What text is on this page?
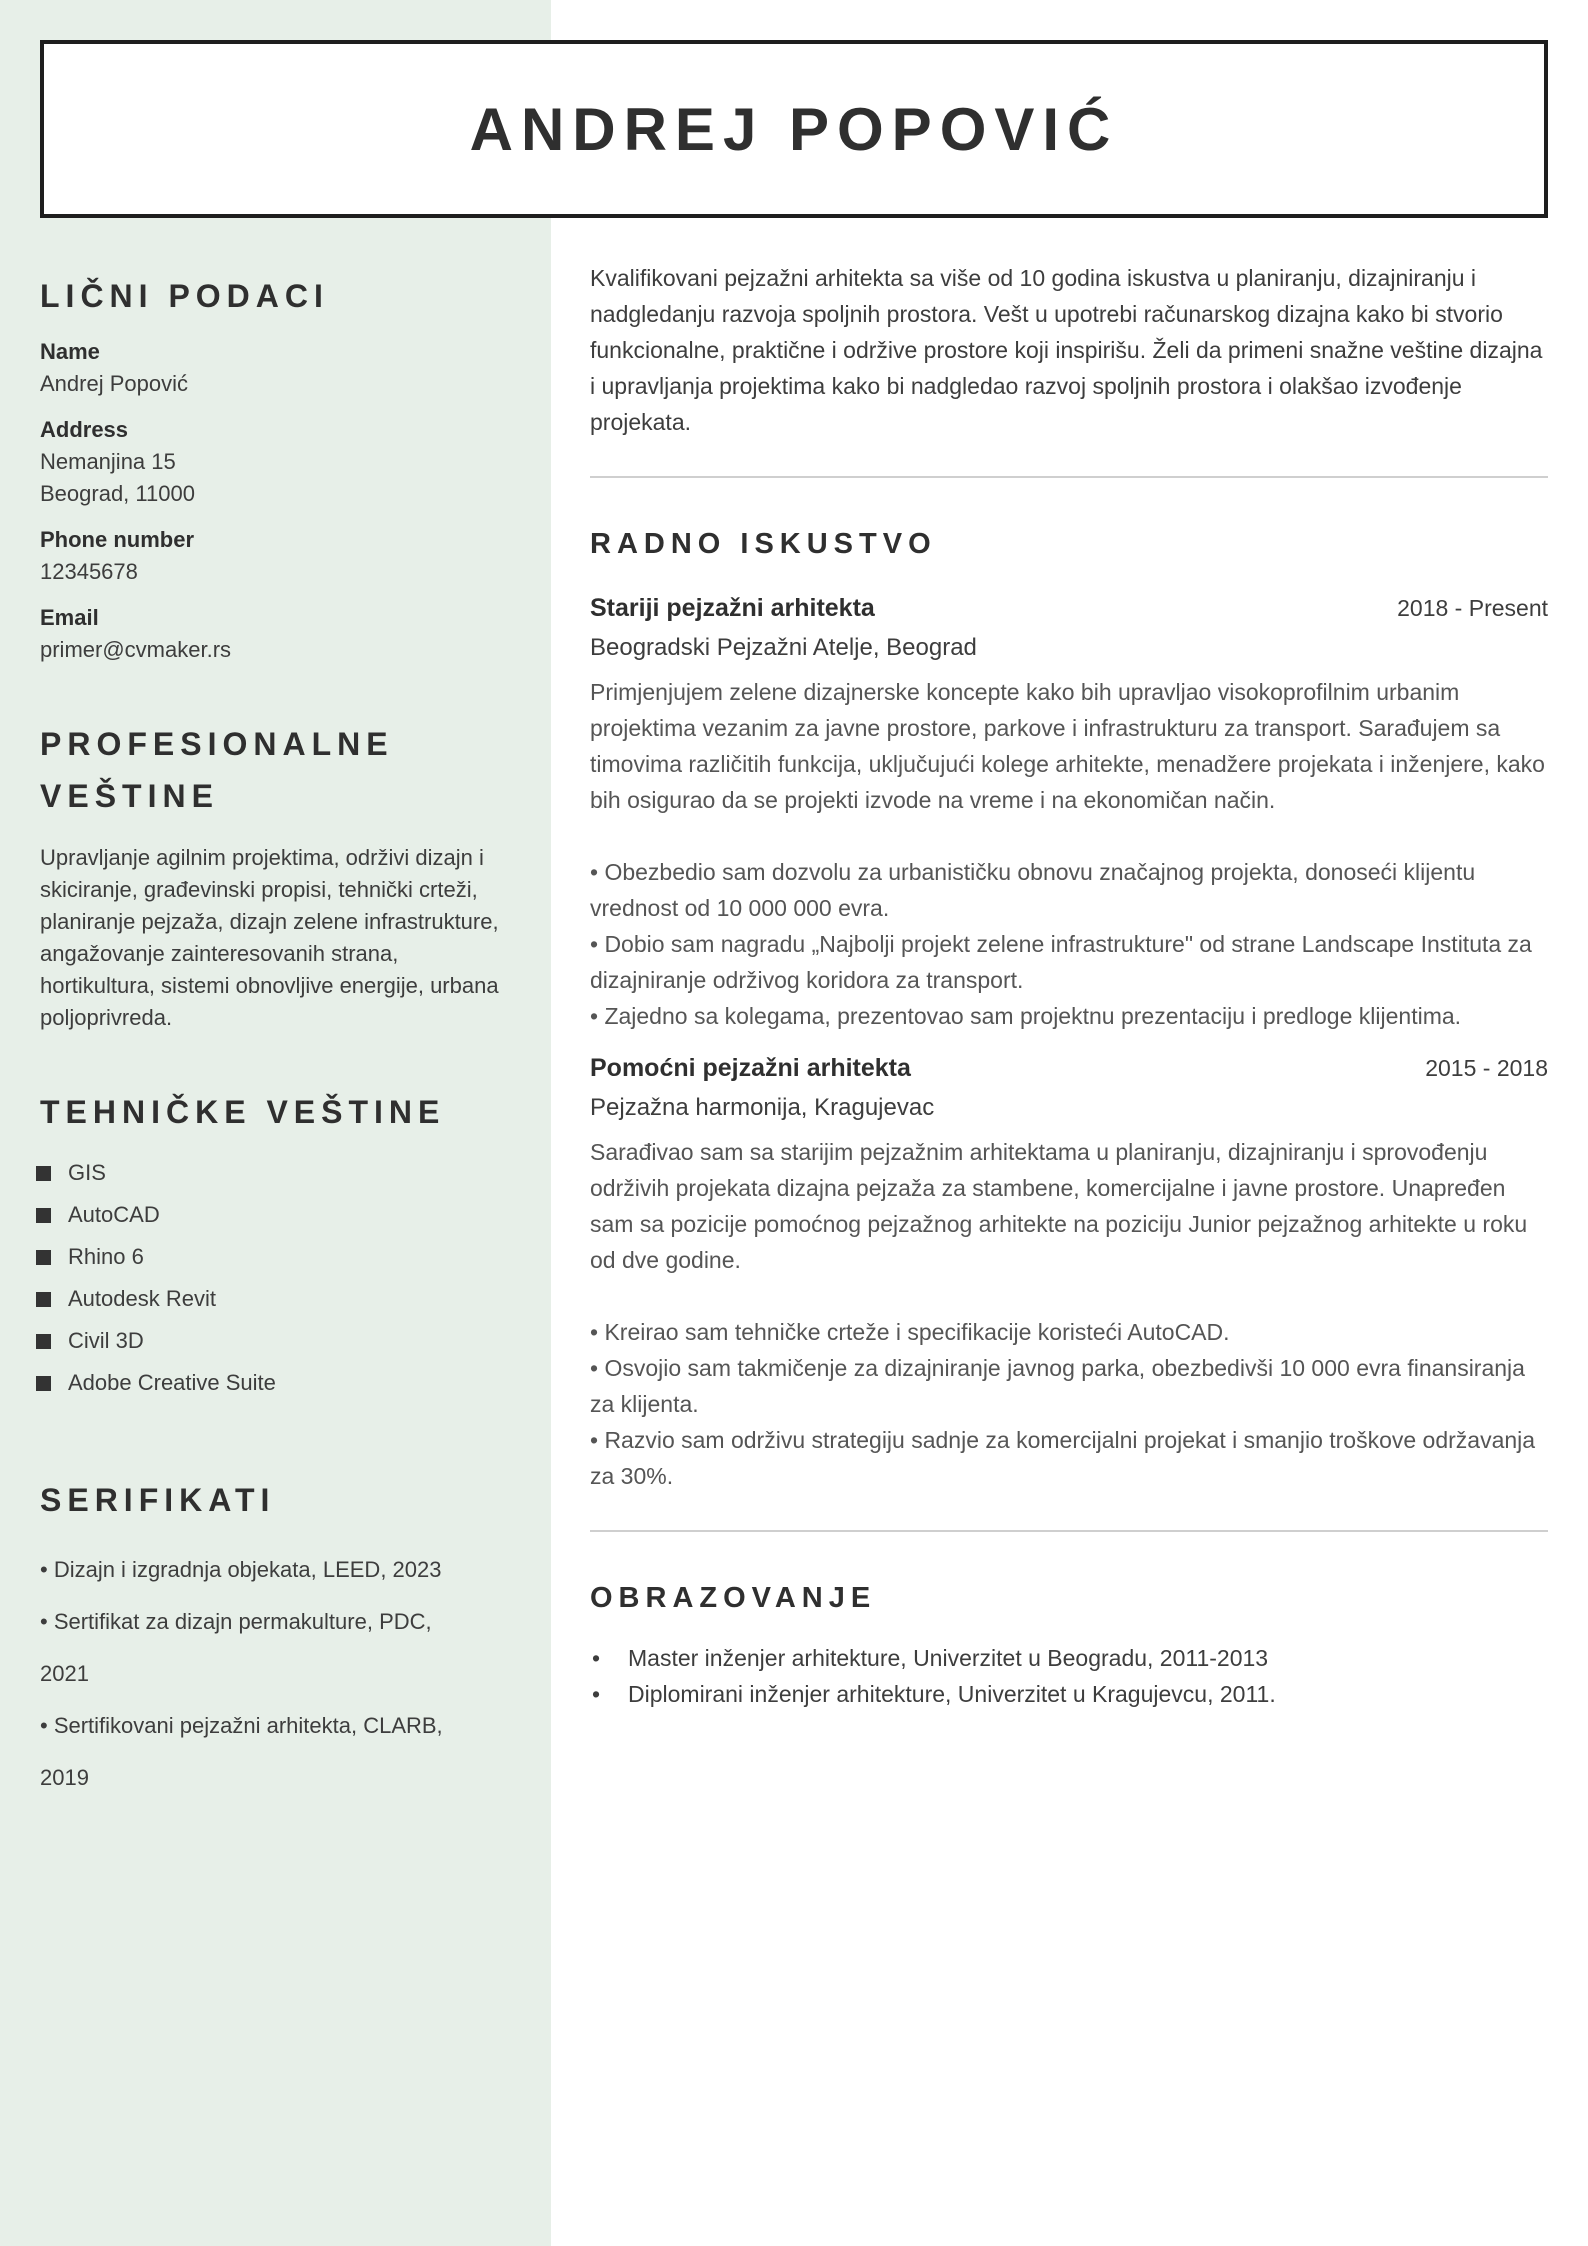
ANDREJ POPOVIĆ
LIČNI PODACI
Name
Andrej Popović
Address
Nemanjina 15
Beograd, 11000
Phone number
12345678
Email
primer@cvmaker.rs
PROFESIONALNE
VEŠTINE

Upravljanje agilnim projektima, održivi dizajn i skiciranje, građevinski propisi, tehnički crteži, planiranje pejzaža, dizajn zelene infrastrukture, angažovanje zainteresovanih strana, hortikultura, sistemi obnovljive energije, urbana poljoprivreda.

TEHNIČKE VEŠTINE
GIS
AutoCAD
Rhino 6
Autodesk Revit
Civil 3D
Adobe Creative Suite
SERIFIKATI
• Dizajn i izgradnja objekata, LEED, 2023
• Sertifikat za dizajn permakulture, PDC,
2021
• Sertifikovani pejzažni arhitekta, CLARB,
2019

Kvalifikovani pejzažni arhitekta sa više od 10 godina iskustva u planiranju, dizajniranju i nadgledanju razvoja spoljnih prostora. Vešt u upotrebi računarskog dizajna kako bi stvorio funkcionalne, praktične i održive prostore koji inspirišu. Želi da primeni snažne veštine dizajna i upravljanja projektima kako bi nadgledao razvoj spoljnih prostora i olakšao izvođenje projekata.

RADNO ISKUSTVO
Stariji pejzažni arhitekta	2018 - Present
Beogradski Pejzažni Atelje, Beograd

Primjenjujem zelene dizajnerske koncepte kako bih upravljao visokoprofilnim urbanim projektima vezanim za javne prostore, parkove i infrastrukturu za transport. Sarađujem sa timovima različitih funkcija, uključujući kolege arhitekte, menadžere projekata i inženjere, kako bih osigurao da se projekti izvode na vreme i na ekonomičan način.

• Obezbedio sam dozvolu za urbanističku obnovu značajnog projekta, donoseći klijentu vrednost od 10 000 000 evra.
• Dobio sam nagradu „Najbolji projekt zelene infrastrukture" od strane Landscape Instituta za dizajniranje održivog koridora za transport.
• Zajedno sa kolegama, prezentovao sam projektnu prezentaciju i predloge klijentima.
Pomoćni pejzažni arhitekta	2015 - 2018
Pejzažna harmonija, Kragujevac

Sarađivao sam sa starijim pejzažnim arhitektama u planiranju, dizajniranju i sprovođenju održivih projekata dizajna pejzaža za stambene, komercijalne i javne prostore. Unapređen sam sa pozicije pomoćnog pejzažnog arhitekte na poziciju Junior pejzažnog arhitekte u roku od dve godine.

• Kreirao sam tehničke crteže i specifikacije koristeći AutoCAD.
• Osvojio sam takmičenje za dizajniranje javnog parka, obezbedivši 10 000 evra finansiranja za klijenta.
• Razvio sam održivu strategiju sadnje za komercijalni projekat i smanjio troškove održavanja za 30%.
OBRAZOVANJE
•	Master inženjer arhitekture, Univerzitet u Beogradu, 2011-2013
•	Diplomirani inženjer arhitekture, Univerzitet u Kragujevcu, 2011.
